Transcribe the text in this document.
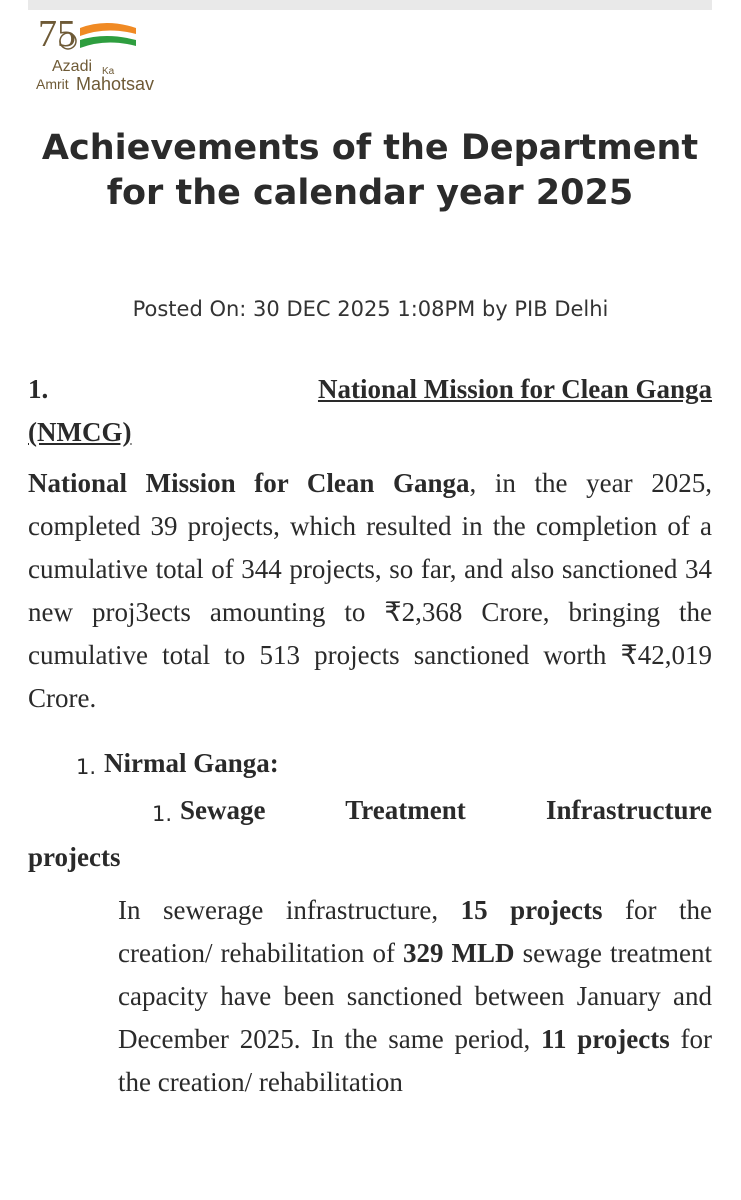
75
Azadi Ka
Amrit Mahotsav
Achievements of the Department for the calendar year 2025
Posted On: 30 DEC 2025 1:08PM by PIB Delhi

1.	National Mission for Clean Ganga

(NMCG)

National Mission for Clean Ganga, in the year 2025, completed 39 projects, which resulted in the completion of a cumulative total of 344 projects, so far, and also sanctioned 34 new proj3ects amounting to ₹2,368 Crore, bringing the cumulative total to 513 projects sanctioned worth ₹42,019 Crore.

1. Nirmal Ganga:
1. Sewage Treatment Infrastructure
projects

In sewerage infrastructure, 15 projects for the creation/ rehabilitation of 329 MLD sewage treatment capacity have been sanctioned between January and December 2025. In the same period, 11 projects for the creation/ rehabilitation
